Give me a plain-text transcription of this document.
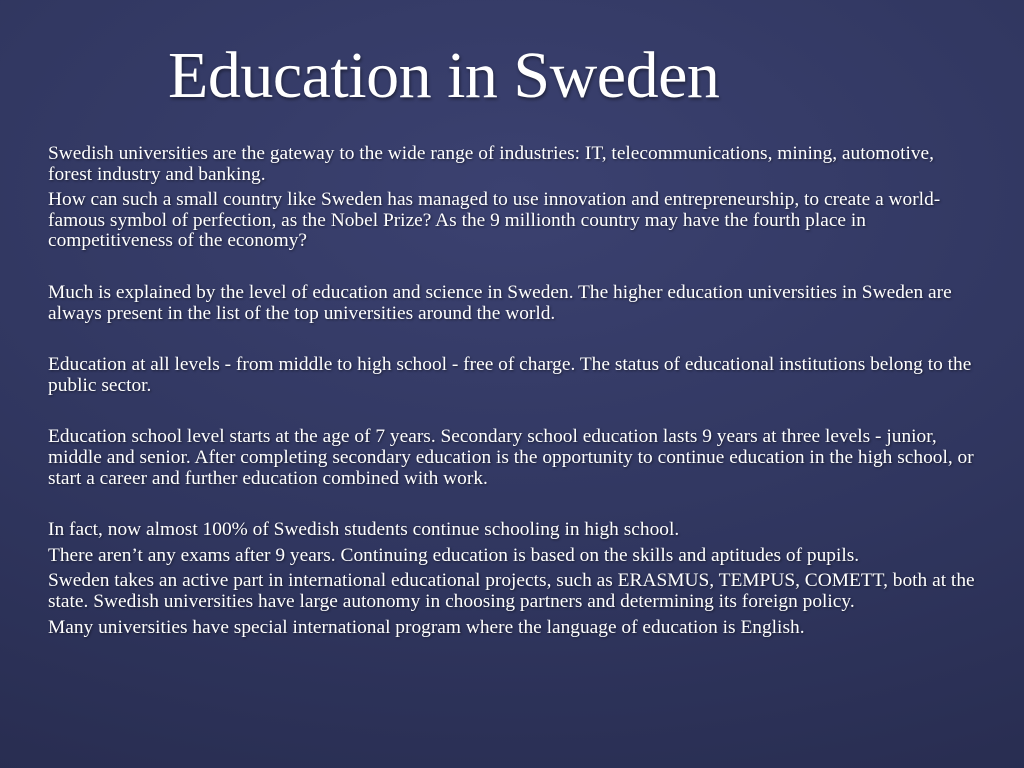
Education in Sweden

Swedish universities are the gateway to the wide range of industries: IT, telecommunications, mining, automotive, forest industry and banking.

How can such a small country like Sweden has managed to use innovation and entrepreneurship, to create a world-famous symbol of perfection, as the Nobel Prize? As the 9 millionth country may have the fourth place in competitiveness of the economy?

Much is explained by the level of education and science in Sweden. The higher education universities in Sweden are always present in the list of the top universities around the world.

Education at all levels - from middle to high school - free of charge. The status of educational institutions belong to the public sector.

Education school level starts at the age of 7 years. Secondary school education lasts 9 years at three levels - junior, middle and senior. After completing secondary education is the opportunity to continue education in the high school, or start a career and further education combined with work.

In fact, now almost 100% of Swedish students continue schooling in high school.

There aren’t any exams after 9 years. Continuing education is based on the skills and aptitudes of pupils.

Sweden takes an active part in international educational projects, such as ERASMUS, TEMPUS, COMETT, both at the state. Swedish universities have large autonomy in choosing partners and determining its foreign policy.

Many universities have special international program where the language of education is English.
